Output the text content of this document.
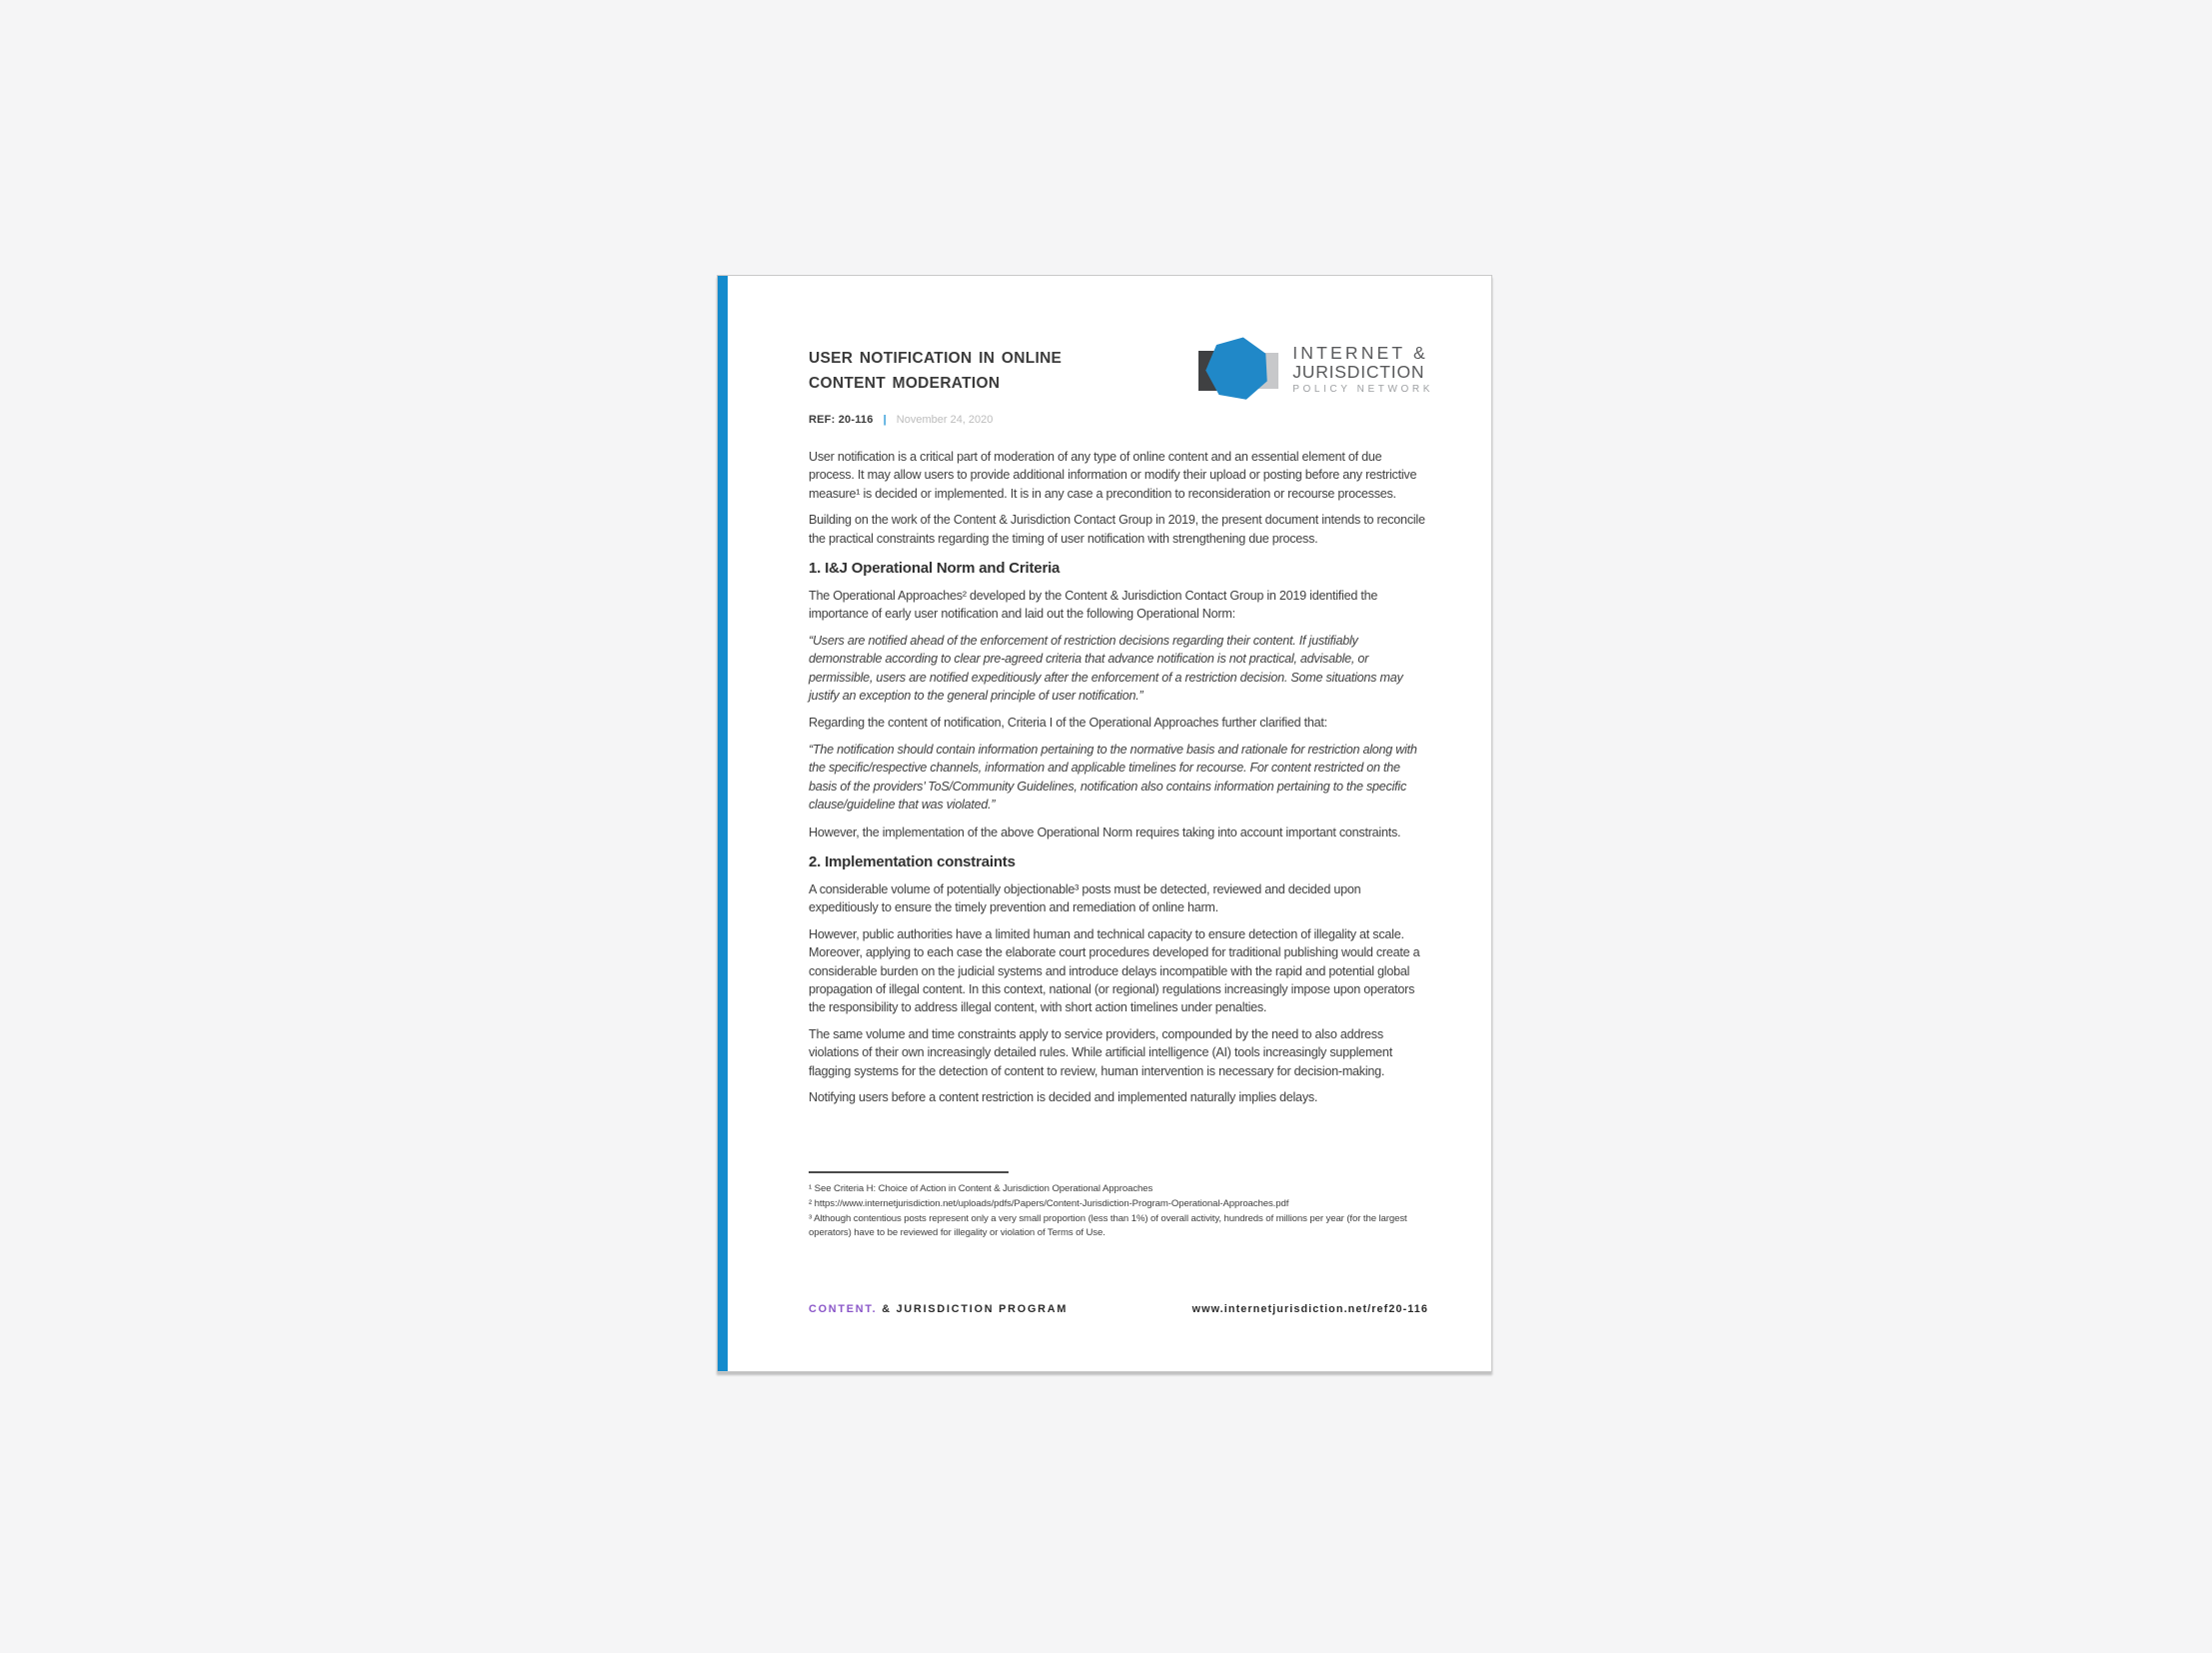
USER NOTIFICATION IN ONLINE
CONTENT MODERATION
REF: 20-116 | November 24, 2020
INTERNET &
JURISDICTION
POLICY NETWORK

User notification is a critical part of moderation of any type of online content and an essential element of due process. It may allow users to provide additional information or modify their upload or posting before any restrictive measure¹ is decided or implemented. It is in any case a precondition to reconsideration or recourse processes.

Building on the work of the Content & Jurisdiction Contact Group in 2019, the present document intends to reconcile the practical constraints regarding the timing of user notification with strengthening due process.

1. I&J Operational Norm and Criteria

The Operational Approaches² developed by the Content & Jurisdiction Contact Group in 2019 identified the importance of early user notification and laid out the following Operational Norm:

“Users are notified ahead of the enforcement of restriction decisions regarding their content. If justifiably demonstrable according to clear pre-agreed criteria that advance notification is not practical, advisable, or permissible, users are notified expeditiously after the enforcement of a restriction decision. Some situations may justify an exception to the general principle of user notification.”

Regarding the content of notification, Criteria I of the Operational Approaches further clarified that:

“The notification should contain information pertaining to the normative basis and rationale for restriction along with the specific/respective channels, information and applicable timelines for recourse. For content restricted on the basis of the providers’ ToS/Community Guidelines, notification also contains information pertaining to the specific clause/guideline that was violated.”

However, the implementation of the above Operational Norm requires taking into account important constraints.

2. Implementation constraints

A considerable volume of potentially objectionable³ posts must be detected, reviewed and decided upon expeditiously to ensure the timely prevention and remediation of online harm.

However, public authorities have a limited human and technical capacity to ensure detection of illegality at scale. Moreover, applying to each case the elaborate court procedures developed for traditional publishing would create a considerable burden on the judicial systems and introduce delays incompatible with the rapid and potential global propagation of illegal content. In this context, national (or regional) regulations increasingly impose upon operators the responsibility to address illegal content, with short action timelines under penalties.

The same volume and time constraints apply to service providers, compounded by the need to also address violations of their own increasingly detailed rules. While artificial intelligence (AI) tools increasingly supplement flagging systems for the detection of content to review, human intervention is necessary for decision-making.

Notifying users before a content restriction is decided and implemented naturally implies delays.

¹ See Criteria H: Choice of Action in Content & Jurisdiction Operational Approaches

² https://www.internetjurisdiction.net/uploads/pdfs/Papers/Content-Jurisdiction-Program-Operational-Approaches.pdf

³ Although contentious posts represent only a very small proportion (less than 1%) of overall activity, hundreds of millions per year (for the largest operators) have to be reviewed for illegality or violation of Terms of Use.

CONTENT. & JURISDICTION PROGRAM	www.internetjurisdiction.net/ref20-116
